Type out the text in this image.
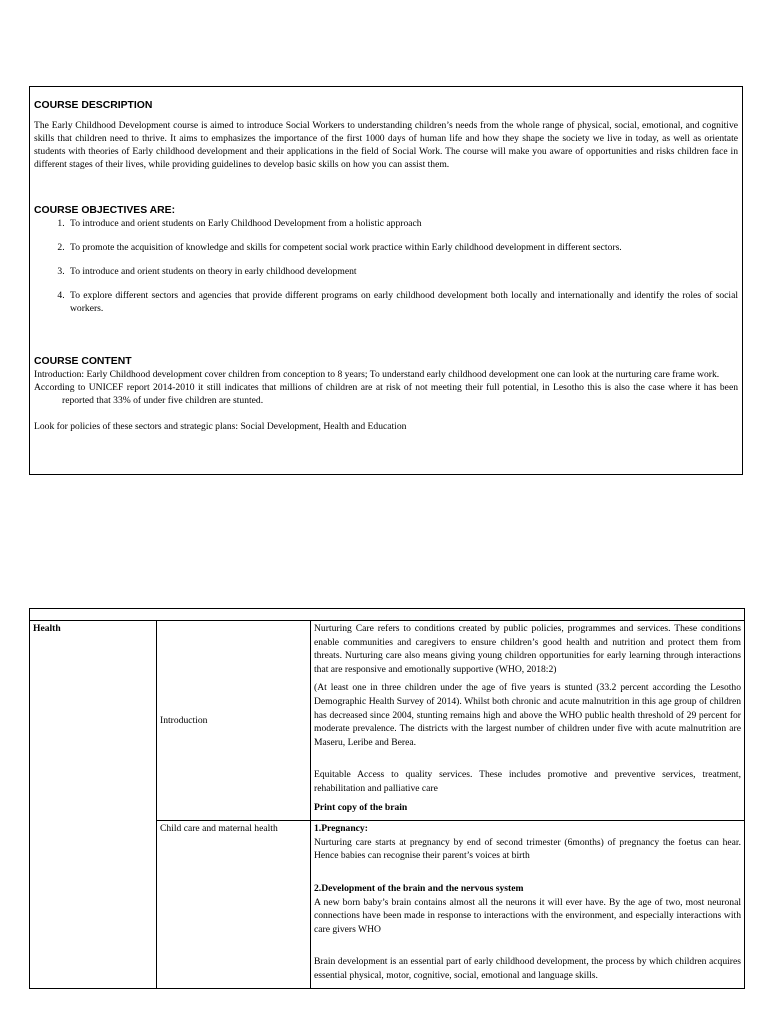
COURSE DESCRIPTION

The Early Childhood Development course is aimed to introduce Social Workers to understanding children’s needs from the whole range of physical, social, emotional, and cognitive skills that children need to thrive. It aims to emphasizes the importance of the first 1000 days of human life and how they shape the society we live in today, as well as orientate students with theories of Early childhood development and their applications in the field of Social Work. The course will make you aware of opportunities and risks children face in different stages of their lives, while providing guidelines to develop basic skills on how you can assist them.

COURSE OBJECTIVES ARE:

1. To introduce and orient students on Early Childhood Development from a holistic approach
2. To promote the acquisition of knowledge and skills for competent social work practice within Early childhood development in different sectors.
3. To introduce and orient students on theory in early childhood development
4. To explore different sectors and agencies that provide different programs on early childhood development both locally and internationally and identify the roles of social workers.

COURSE CONTENT

Introduction: Early Childhood development cover children from conception to 8 years; To understand early childhood development one can look at the nurturing care frame work.

According to UNICEF report 2014-2010 it still indicates that millions of children are at risk of not meeting their full potential, in Lesotho this is also the case where it has been reported that 33% of under five children are stunted.

Look for policies of these sectors and strategic plans: Social Development, Health and Education

Health	Introduction	Nurturing Care refers to conditions created by public policies, programmes and services. These conditions enable communities and caregivers to ensure children’s good health and nutrition and protect them from threats. Nurturing care also means giving young children opportunities for early learning through interactions that are responsive and emotionally supportive (WHO, 2018:2)

(At least one in three children under the age of five years is stunted (33.2 percent according the Lesotho Demographic Health Survey of 2014). Whilst both chronic and acute malnutrition in this age group of children has decreased since 2004, stunting remains high and above the WHO public health threshold of 29 percent for moderate prevalence. The districts with the largest number of children under five with acute malnutrition are Maseru, Leribe and Berea.

Equitable Access to quality services. These includes promotive and preventive services, treatment, rehabilitation and palliative care

Print copy of the brain

	Child care and maternal health	1.Pregnancy:

Nurturing care starts at pregnancy by end of second trimester (6months) of pregnancy the foetus can hear. Hence babies can recognise their parent’s voices at birth

2.Development of the brain and the nervous system

A new born baby’s brain contains almost all the neurons it will ever have. By the age of two, most neuronal connections have been made in response to interactions with the environment, and especially interactions with care givers WHO

Brain development is an essential part of early childhood development, the process by which children acquires essential physical, motor, cognitive, social, emotional and language skills.
